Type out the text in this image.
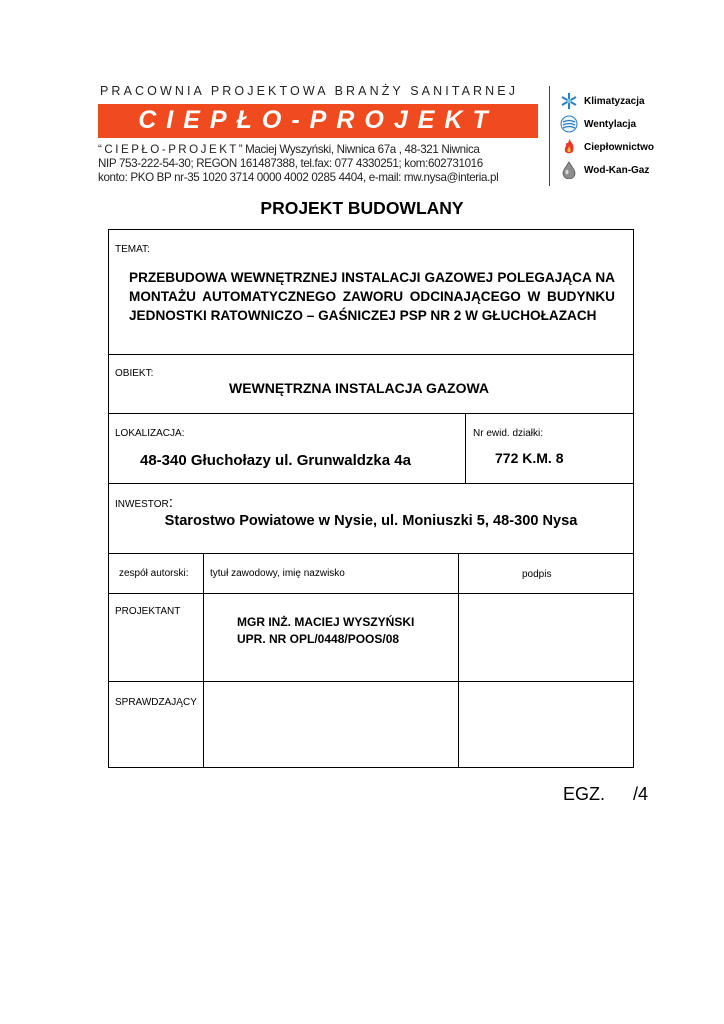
PRACOWNIA PROJEKTOWA BRANŻY SANITARNEJ
CIEPŁO-PROJEKT
“ C I E P Ł O - P R O J E K T ” Maciej Wyszyński, Niwnica 67a , 48-321 Niwnica
NIP 753-222-54-30; REGON 161487388, tel.fax: 077 4330251; kom:602731016
konto: PKO BP nr-35 1020 3714 0000 4002 0285 4404, e-mail: mw.nysa@interia.pl
Klimatyzacja
Wentylacja
Ciepłownictwo
Wod-Kan-Gaz
PROJEKT BUDOWLANY
TEMAT:
PRZEBUDOWA WEWNĘTRZNEJ INSTALACJI GAZOWEJ POLEGAJĄCA NA MONTAŻU AUTOMATYCZNEGO ZAWORU ODCINAJĄCEGO W BUDYNKU JEDNOSTKI RATOWNICZO – GAŚNICZEJ PSP NR 2 W GŁUCHOŁAZACH
OBIEKT:
WEWNĘTRZNA INSTALACJA GAZOWA
LOKALIZACJA:
48-340 Głuchołazy ul. Grunwaldzka 4a
Nr ewid. działki:
772 K.M. 8
INWESTOR:
Starostwo Powiatowe w Nysie, ul. Moniuszki 5, 48-300 Nysa
zespół autorski: tytuł zawodowy, imię nazwisko	podpis
PROJEKTANT
MGR INŻ. MACIEJ WYSZYŃSKI
UPR. NR OPL/0448/POOS/08
SPRAWDZAJĄCY
EGZ. /4
